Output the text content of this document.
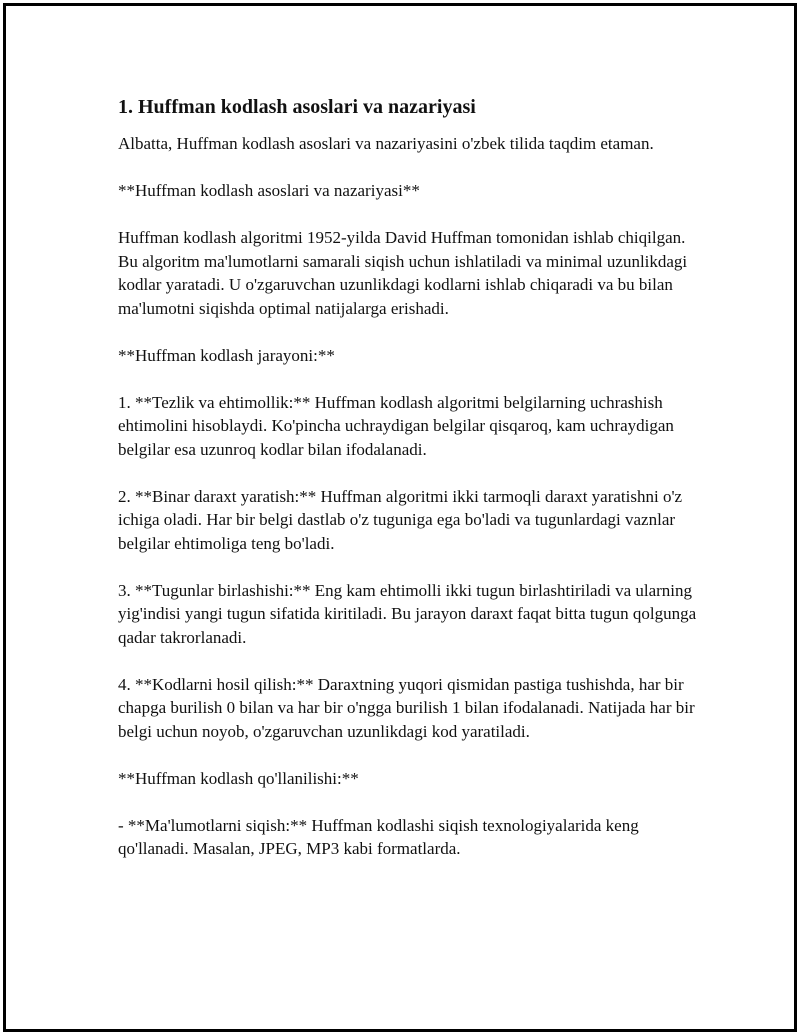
1. Huffman kodlash asoslari va nazariyasi

Albatta, Huffman kodlash asoslari va nazariyasini o'zbek tilida taqdim etaman.

**Huffman kodlash asoslari va nazariyasi**

Huffman kodlash algoritmi 1952-yilda David Huffman tomonidan ishlab chiqilgan. Bu algoritm ma'lumotlarni samarali siqish uchun ishlatiladi va minimal uzunlikdagi kodlar yaratadi. U o'zgaruvchan uzunlikdagi kodlarni ishlab chiqaradi va bu bilan ma'lumotni siqishda optimal natijalarga erishadi.

**Huffman kodlash jarayoni:**

1. **Tezlik va ehtimollik:** Huffman kodlash algoritmi belgilarning uchrashish ehtimolini hisoblaydi. Ko'pincha uchraydigan belgilar qisqaroq, kam uchraydigan belgilar esa uzunroq kodlar bilan ifodalanadi.

2. **Binar daraxt yaratish:** Huffman algoritmi ikki tarmoqli daraxt yaratishni o'z ichiga oladi. Har bir belgi dastlab o'z tuguniga ega bo'ladi va tugunlardagi vaznlar belgilar ehtimoliga teng bo'ladi.

3. **Tugunlar birlashishi:** Eng kam ehtimolli ikki tugun birlashtiriladi va ularning yig'indisi yangi tugun sifatida kiritiladi. Bu jarayon daraxt faqat bitta tugun qolgunga qadar takrorlanadi.

4. **Kodlarni hosil qilish:** Daraxtning yuqori qismidan pastiga tushishda, har bir chapga burilish 0 bilan va har bir o'ngga burilish 1 bilan ifodalanadi. Natijada har bir belgi uchun noyob, o'zgaruvchan uzunlikdagi kod yaratiladi.

**Huffman kodlash qo'llanilishi:**

- **Ma'lumotlarni siqish:** Huffman kodlashi siqish texnologiyalarida keng qo'llanadi. Masalan, JPEG, MP3 kabi formatlarda.
